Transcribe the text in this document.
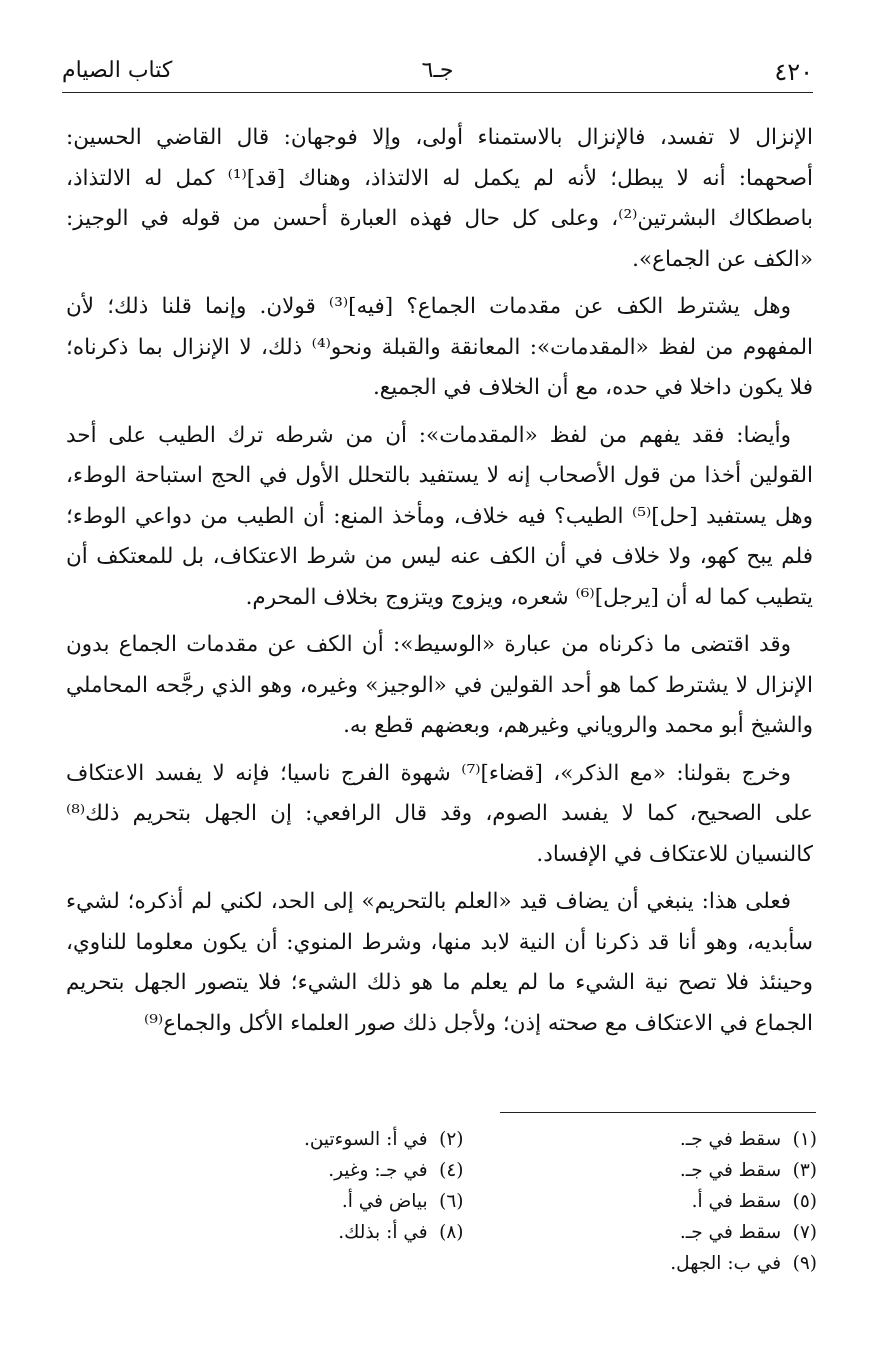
٤٢٠
جـ٦
كتاب الصيام

الإنزال لا تفسد، فالإنزال بالاستمناء أولى، وإلا فوجهان: قال القاضي الحسين: أصحهما: أنه لا يبطل؛ لأنه لم يكمل له الالتذاذ، وهناك [قد]⁽¹⁾ كمل له الالتذاذ، باصطكاك البشرتين⁽²⁾، وعلى كل حال فهذه العبارة أحسن من قوله في الوجيز: «الكف عن الجماع».

وهل يشترط الكف عن مقدمات الجماع؟ [فيه]⁽³⁾ قولان. وإنما قلنا ذلك؛ لأن المفهوم من لفظ «المقدمات»: المعانقة والقبلة ونحو⁽⁴⁾ ذلك، لا الإنزال بما ذكرناه؛ فلا يكون داخلا في حده، مع أن الخلاف في الجميع.

وأيضا: فقد يفهم من لفظ «المقدمات»: أن من شرطه ترك الطيب على أحد القولين أخذا من قول الأصحاب إنه لا يستفيد بالتحلل الأول في الحج استباحة الوطء، وهل يستفيد [حل]⁽⁵⁾ الطيب؟ فيه خلاف، ومأخذ المنع: أن الطيب من دواعي الوطء؛ فلم يبح كهو، ولا خلاف في أن الكف عنه ليس من شرط الاعتكاف، بل للمعتكف أن يتطيب كما له أن [يرجل]⁽⁶⁾ شعره، ويزوج ويتزوج بخلاف المحرم.

وقد اقتضى ما ذكرناه من عبارة «الوسيط»: أن الكف عن مقدمات الجماع بدون الإنزال لا يشترط كما هو أحد القولين في «الوجيز» وغيره، وهو الذي رجَّحه المحاملي والشيخ أبو محمد والروياني وغيرهم، وبعضهم قطع به.

وخرج بقولنا: «مع الذكر»، [قضاء]⁽⁷⁾ شهوة الفرج ناسيا؛ فإنه لا يفسد الاعتكاف على الصحيح، كما لا يفسد الصوم، وقد قال الرافعي: إن الجهل بتحريم ذلك⁽⁸⁾ كالنسيان للاعتكاف في الإفساد.

فعلى هذا: ينبغي أن يضاف قيد «العلم بالتحريم» إلى الحد، لكني لم أذكره؛ لشيء سأبديه، وهو أنا قد ذكرنا أن النية لابد منها، وشرط المنوي: أن يكون معلوما للناوي، وحينئذ فلا تصح نية الشيء ما لم يعلم ما هو ذلك الشيء؛ فلا يتصور الجهل بتحريم الجماع في الاعتكاف مع صحته إذن؛ ولأجل ذلك صور العلماء الأكل والجماع⁽⁹⁾

(١) سقط في جـ.
(٢) في أ: السوءتين.
(٣) سقط في جـ.
(٤) في جـ: وغير.
(٥) سقط في أ.
(٦) بياض في أ.
(٧) سقط في جـ.
(٨) في أ: بذلك.
(٩) في ب: الجهل.
